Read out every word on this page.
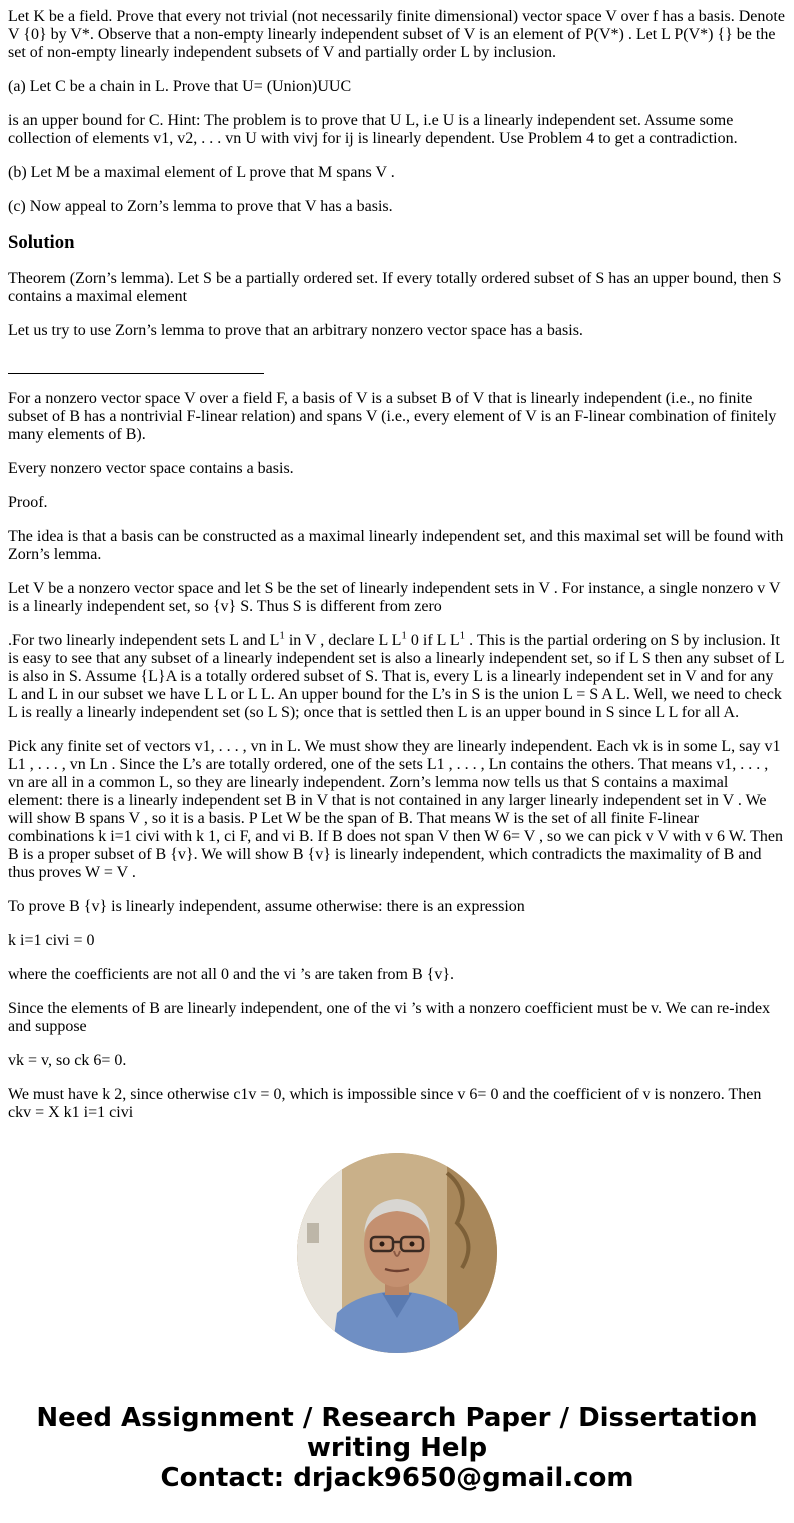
Let K be a field. Prove that every not trivial (not necessarily finite dimensional) vector space V over f has a basis. Denote V {0} by V*. Observe that a non-empty linearly independent subset of V is an element of P(V*) . Let L P(V*) {} be the set of non-empty linearly independent subsets of V and partially order L by inclusion.

(a) Let C be a chain in L. Prove that U= (Union)UUC

is an upper bound for C. Hint: The problem is to prove that U L, i.e U is a linearly independent set. Assume some collection of elements v1, v2, . . . vn U with vivj for ij is linearly dependent. Use Problem 4 to get a contradiction.

(b) Let M be a maximal element of L prove that M spans V .

(c) Now appeal to Zorn’s lemma to prove that V has a basis.

Solution

Theorem (Zorn’s lemma). Let S be a partially ordered set. If every totally ordered subset of S has an upper bound, then S contains a maximal element

Let us try to use Zorn’s lemma to prove that an arbitrary nonzero vector space has a basis.

For a nonzero vector space V over a field F, a basis of V is a subset B of V that is linearly independent (i.e., no finite subset of B has a nontrivial F-linear relation) and spans V (i.e., every element of V is an F-linear combination of finitely many elements of B).

Every nonzero vector space contains a basis.

Proof.

The idea is that a basis can be constructed as a maximal linearly independent set, and this maximal set will be found with Zorn’s lemma.

Let V be a nonzero vector space and let S be the set of linearly independent sets in V . For instance, a single nonzero v V is a linearly independent set, so {v} S. Thus S is different from zero

.For two linearly independent sets L and $L^1$ in V , declare L $L^1$ 0 if L $L^1$ . This is the partial ordering on S by inclusion. It is easy to see that any subset of a linearly independent set is also a linearly independent set, so if L S then any subset of L is also in S. Assume {L}A is a totally ordered subset of S. That is, every L is a linearly independent set in V and for any L and L in our subset we have L L or L L. An upper bound for the L’s in S is the union L = S A L. Well, we need to check L is really a linearly independent set (so L S); once that is settled then L is an upper bound in S since L L for all A.

Pick any finite set of vectors v1, . . . , vn in L. We must show they are linearly independent. Each vk is in some L, say v1 L1 , . . . , vn Ln . Since the L’s are totally ordered, one of the sets L1 , . . . , Ln contains the others. That means v1, . . . , vn are all in a common L, so they are linearly independent. Zorn’s lemma now tells us that S contains a maximal element: there is a linearly independent set B in V that is not contained in any larger linearly independent set in V . We will show B spans V , so it is a basis. P Let W be the span of B. That means W is the set of all finite F-linear combinations k i=1 civi with k 1, ci F, and vi B. If B does not span V then W 6= V , so we can pick v V with v 6 W. Then B is a proper subset of B {v}. We will show B {v} is linearly independent, which contradicts the maximality of B and thus proves W = V .

To prove B {v} is linearly independent, assume otherwise: there is an expression

k i=1 civi = 0

where the coefficients are not all 0 and the vi ’s are taken from B {v}.

Since the elements of B are linearly independent, one of the vi ’s with a nonzero coefficient must be v. We can re-index and suppose

vk = v, so ck 6= 0.

We must have k 2, since otherwise c1v = 0, which is impossible since v 6= 0 and the coefficient of v is nonzero. Then ckv = X k1 i=1 civi

Need Assignment / Research Paper / Dissertation
writing Help
Contact: drjack9650@gmail.com
